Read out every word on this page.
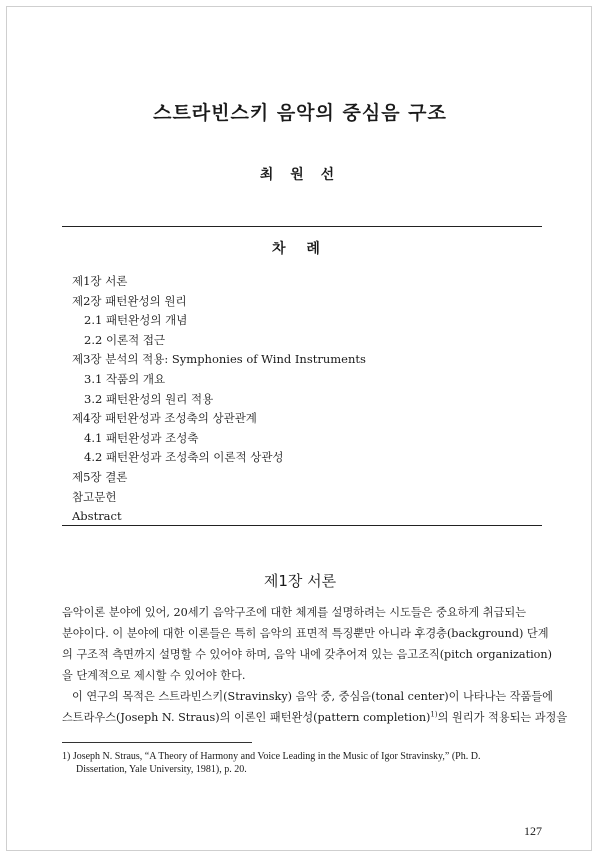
스트라빈스키 음악의 중심음 구조
최 원 선
차 례
제1장 서론
제2장 패턴완성의 원리
2.1 패턴완성의 개념
2.2 이론적 접근
제3장 분석의 적용: Symphonies of Wind Instruments
3.1 작품의 개요
3.2 패턴완성의 원리 적용
제4장 패턴완성과 조성축의 상관관계
4.1 패턴완성과 조성축
4.2 패턴완성과 조성축의 이론적 상관성
제5장 결론
참고문헌
Abstract
제1장 서론
음악이론 분야에 있어, 20세기 음악구조에 대한 체계를 설명하려는 시도들은 중요하게 취급되는
분야이다. 이 분야에 대한 이론들은 특히 음악의 표면적 특징뿐만 아니라 후경층(background) 단계
의 구조적 측면까지 설명할 수 있어야 하며, 음악 내에 갖추어져 있는 음고조직(pitch organization)
을 단계적으로 제시할 수 있어야 한다.
이 연구의 목적은 스트라빈스키(Stravinsky) 음악 중, 중심음(tonal center)이 나타나는 작품들에
스트라우스(Joseph N. Straus)의 이론인 패턴완성(pattern completion)$^{1)}$의 원리가 적용되는 과정을
1) Joseph N. Straus, “A Theory of Harmony and Voice Leading in the Music of Igor Stravinsky,” (Ph. D.
Dissertation, Yale University, 1981), p. 20.
127
